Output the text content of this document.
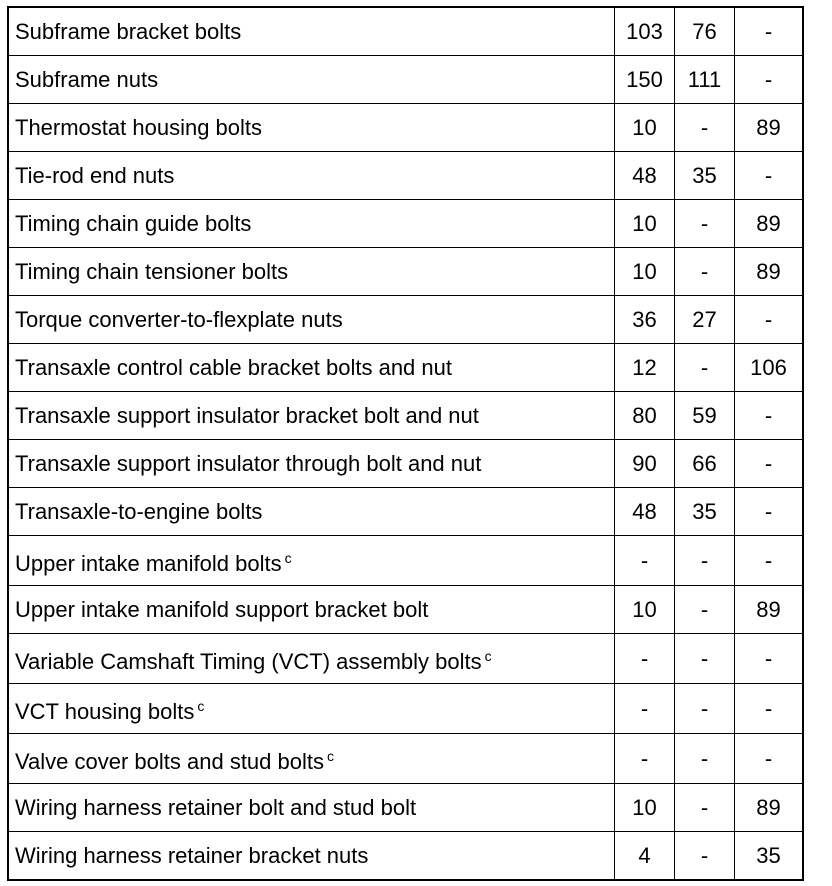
Subframe bracket bolts	103	76	-
Subframe nuts	150	111	-
Thermostat housing bolts	10	-	89
Tie-rod end nuts	48	35	-
Timing chain guide bolts	10	-	89
Timing chain tensioner bolts	10	-	89
Torque converter-to-flexplate nuts	36	27	-
Transaxle control cable bracket bolts and nut	12	-	106
Transaxle support insulator bracket bolt and nut	80	59	-
Transaxle support insulator through bolt and nut	90	66	-
Transaxle-to-engine bolts	48	35	-
Upper intake manifold bolts $^c$	-	-	-
Upper intake manifold support bracket bolt	10	-	89
Variable Camshaft Timing (VCT) assembly bolts $^c$	-	-	-
VCT housing bolts $^c$	-	-	-
Valve cover bolts and stud bolts $^c$	-	-	-
Wiring harness retainer bolt and stud bolt	10	-	89
Wiring harness retainer bracket nuts	4	-	35
